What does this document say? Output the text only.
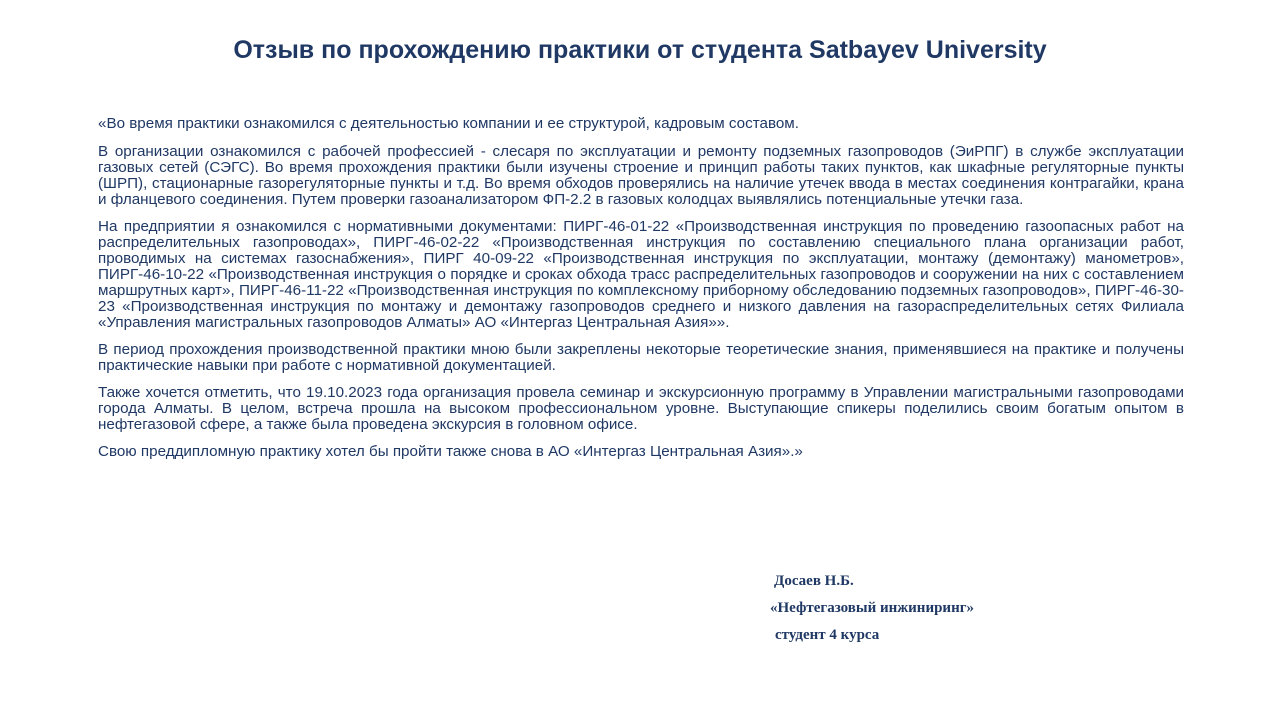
Отзыв по прохождению практики от студента Satbayev University

«Во время практики ознакомился с деятельностью компании и ее структурой, кадровым составом.

В организации ознакомился с рабочей профессией - слесаря по эксплуатации и ремонту подземных газопроводов (ЭиРПГ) в службе эксплуатации газовых сетей (СЭГС). Во время прохождения практики были изучены строение и принцип работы таких пунктов, как шкафные регуляторные пункты (ШРП), стационарные газорегуляторные пункты и т.д. Во время обходов проверялись на наличие утечек ввода в местах соединения контрагайки, крана и фланцевого соединения. Путем проверки газоанализатором ФП-2.2 в газовых колодцах выявлялись потенциальные утечки газа.

На предприятии я ознакомился с нормативными документами: ПИРГ-46-01-22 «Производственная инструкция по проведению газоопасных работ на распределительных газопроводах», ПИРГ-46-02-22 «Производственная инструкция по составлению специального плана организации работ, проводимых на системах газоснабжения», ПИРГ 40-09-22 «Производственная инструкция по эксплуатации, монтажу (демонтажу) манометров», ПИРГ-46-10-22 «Производственная инструкция о порядке и сроках обхода трасс распределительных газопроводов и сооружении на них с составлением маршрутных карт», ПИРГ-46-11-22 «Производственная инструкция по комплексному приборному обследованию подземных газопроводов», ПИРГ-46-30-23 «Производственная инструкция по монтажу и демонтажу газопроводов среднего и низкого давления на газораспределительных сетях Филиала «Управления магистральных газопроводов Алматы» АО «Интергаз Центральная Азия»».

В период прохождения производственной практики мною были закреплены некоторые теоретические знания, применявшиеся на практике и получены практические навыки при работе с нормативной документацией.

Также хочется отметить, что 19.10.2023 года организация провела семинар и экскурсионную программу в Управлении магистральными газопроводами города Алматы. В целом, встреча прошла на высоком профессиональном уровне. Выступающие спикеры поделились своим богатым опытом в нефтегазовой сфере, а также была проведена экскурсия в головном офисе.

Свою преддипломную практику хотел бы пройти также снова в АО «Интергаз Центральная Азия».»

Досаев Н.Б.
«Нефтегазовый инжиниринг»
студент 4 курса
